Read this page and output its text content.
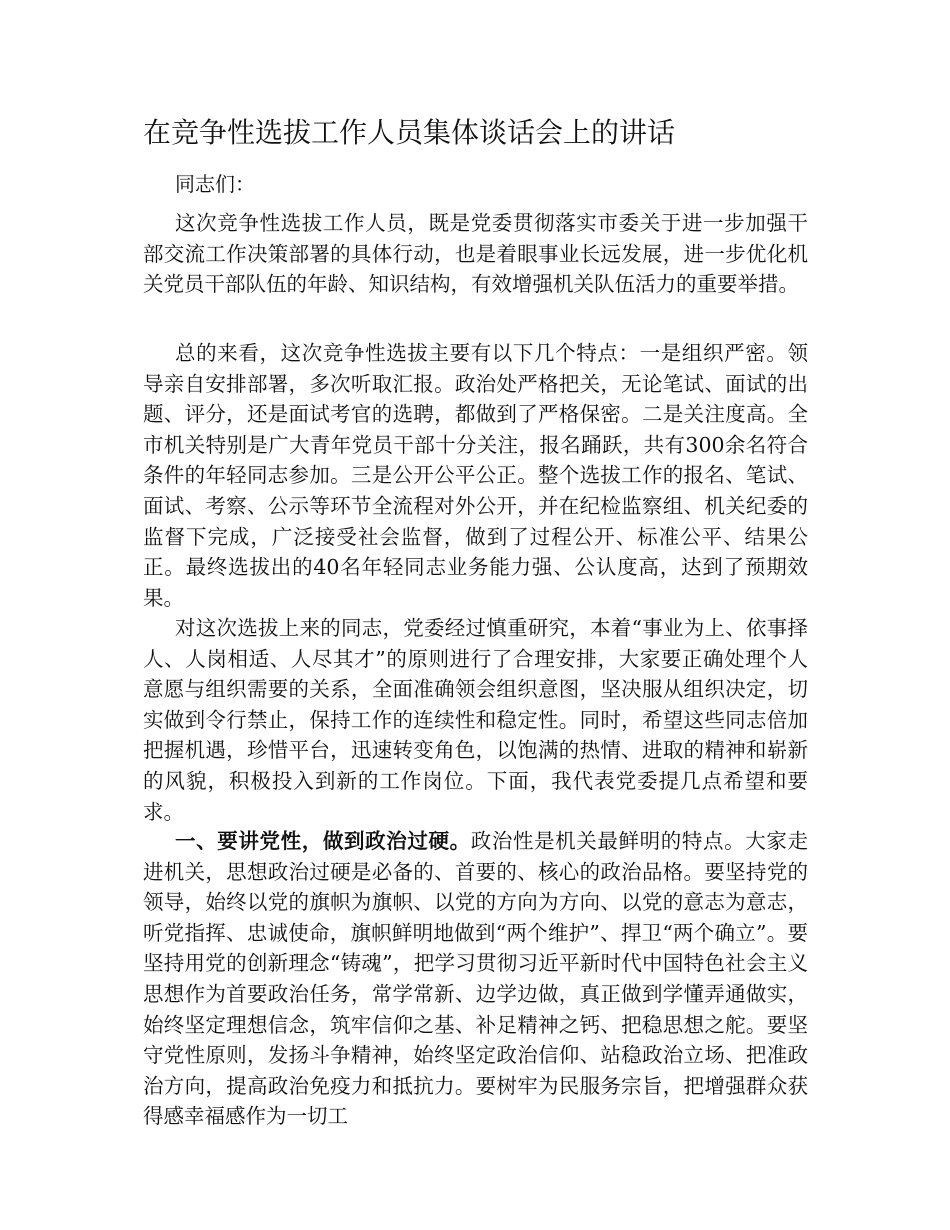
在竞争性选拔工作人员集体谈话会上的讲话
同志们：

这次竞争性选拔工作人员，既是党委贯彻落实市委关于进一步加强干部交流工作决策部署的具体行动，也是着眼事业长远发展，进一步优化机关党员干部队伍的年龄、知识结构，有效增强机关队伍活力的重要举措。

总的来看，这次竞争性选拔主要有以下几个特点：一是组织严密。领导亲自安排部署，多次听取汇报。政治处严格把关，无论笔试、面试的出题、评分，还是面试考官的选聘，都做到了严格保密。二是关注度高。全市机关特别是广大青年党员干部十分关注，报名踊跃，共有300余名符合条件的年轻同志参加。三是公开公平公正。整个选拔工作的报名、笔试、面试、考察、公示等环节全流程对外公开，并在纪检监察组、机关纪委的监督下完成，广泛接受社会监督，做到了过程公开、标准公平、结果公正。最终选拔出的40名年轻同志业务能力强、公认度高，达到了预期效果。

对这次选拔上来的同志，党委经过慎重研究，本着“事业为上、依事择人、人岗相适、人尽其才”的原则进行了合理安排，大家要正确处理个人意愿与组织需要的关系，全面准确领会组织意图，坚决服从组织决定，切实做到令行禁止，保持工作的连续性和稳定性。同时，希望这些同志倍加把握机遇，珍惜平台，迅速转变角色，以饱满的热情、进取的精神和崭新的风貌，积极投入到新的工作岗位。下面，我代表党委提几点希望和要求。

一、要讲党性，做到政治过硬。政治性是机关最鲜明的特点。大家走进机关，思想政治过硬是必备的、首要的、核心的政治品格。要坚持党的领导，始终以党的旗帜为旗帜、以党的方向为方向、以党的意志为意志，听党指挥、忠诚使命，旗帜鲜明地做到“两个维护”、捍卫“两个确立”。要坚持用党的创新理念“铸魂”，把学习贯彻习近平新时代中国特色社会主义思想作为首要政治任务，常学常新、边学边做，真正做到学懂弄通做实，始终坚定理想信念，筑牢信仰之基、补足精神之钙、把稳思想之舵。要坚守党性原则，发扬斗争精神，始终坚定政治信仰、站稳政治立场、把准政治方向，提高政治免疫力和抵抗力。要树牢为民服务宗旨，把增强群众获得感幸福感作为一切工
